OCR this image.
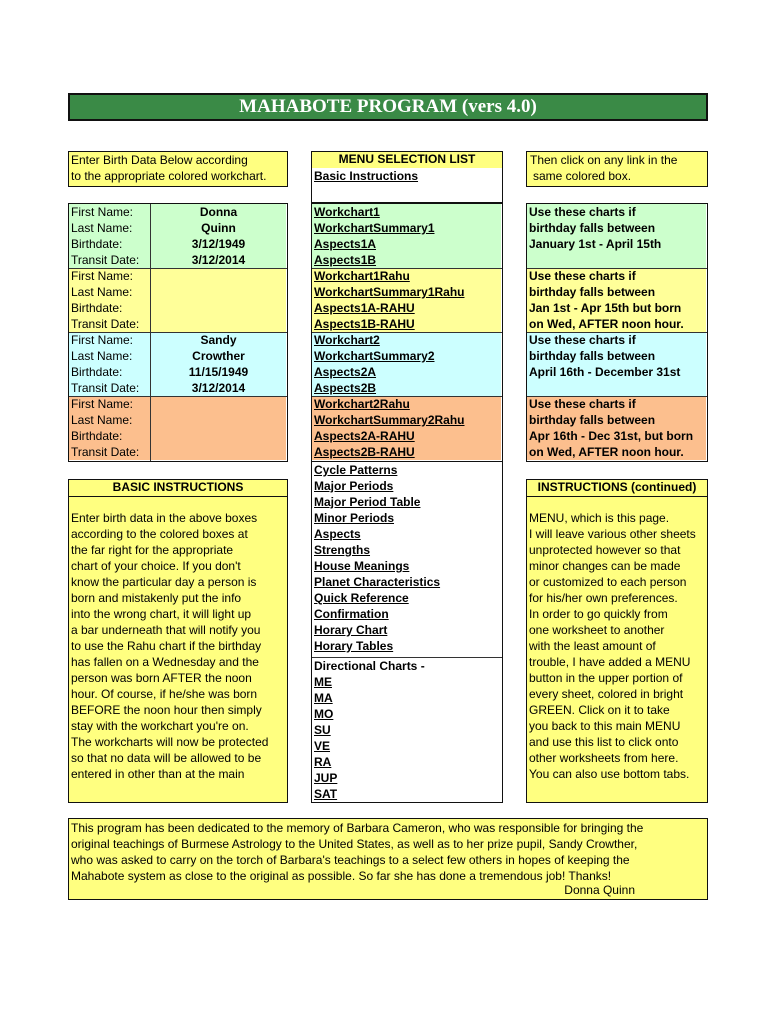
MAHABOTE PROGRAM (vers 4.0)
Enter Birth Data Below according
to the appropriate colored workchart.
Then click on any link in the
same colored box.
MENU SELECTION LIST
Basic Instructions
First Name:	Donna
Last Name:	Quinn
Birthdate:	3/12/1949
Transit Date:	3/12/2014
First Name:
Last Name:
Birthdate:
Transit Date:
First Name:	Sandy
Last Name:	Crowther
Birthdate:	11/15/1949
Transit Date:	3/12/2014
First Name:
Last Name:
Birthdate:
Transit Date:
Workchart1
WorkchartSummary1
Aspects1A
Aspects1B
Workchart1Rahu
WorkchartSummary1Rahu
Aspects1A-RAHU
Aspects1B-RAHU
Workchart2
WorkchartSummary2
Aspects2A
Aspects2B
Workchart2Rahu
WorkchartSummary2Rahu
Aspects2A-RAHU
Aspects2B-RAHU
Use these charts if
birthday falls between
January 1st - April 15th
Use these charts if
birthday falls between
Jan 1st - Apr 15th but born
on Wed, AFTER noon hour.
Use these charts if
birthday falls between
April 16th - December 31st
Use these charts if
birthday falls between
Apr 16th - Dec 31st, but born
on Wed, AFTER noon hour.
Cycle Patterns
Major Periods
Major Period Table
Minor Periods
Aspects
Strengths
House Meanings
Planet Characteristics
Quick Reference
Confirmation
Horary Chart
Horary Tables
Directional Charts -
ME
MA
MO
SU
VE
RA
JUP
SAT
BASIC INSTRUCTIONS
Enter birth data in the above boxes
according to the colored boxes at
the far right for the appropriate
chart of your choice. If you don't
know the particular day a person is
born and mistakenly put the info
into the wrong chart, it will light up
a bar underneath that will notify you
to use the Rahu chart if the birthday
has fallen on a Wednesday and the
person was born AFTER the noon
hour. Of course, if he/she was born
BEFORE the noon hour then simply
stay with the workchart you're on.
The workcharts will now be protected
so that no data will be allowed to be
entered in other than at the main
INSTRUCTIONS (continued)
MENU, which is this page.
I will leave various other sheets
unprotected however so that
minor changes can be made
or customized to each person
for his/her own preferences.
In order to go quickly from
one worksheet to another
with the least amount of
trouble, I have added a MENU
button in the upper portion of
every sheet, colored in bright
GREEN. Click on it to take
you back to this main MENU
and use this list to click onto
other worksheets from here.
You can also use bottom tabs.
This program has been dedicated to the memory of Barbara Cameron, who was responsible for bringing the
original teachings of Burmese Astrology to the United States, as well as to her prize pupil, Sandy Crowther,
who was asked to carry on the torch of Barbara's teachings to a select few others in hopes of keeping the
Mahabote system as close to the original as possible. So far she has done a tremendous job! Thanks!
Donna Quinn
